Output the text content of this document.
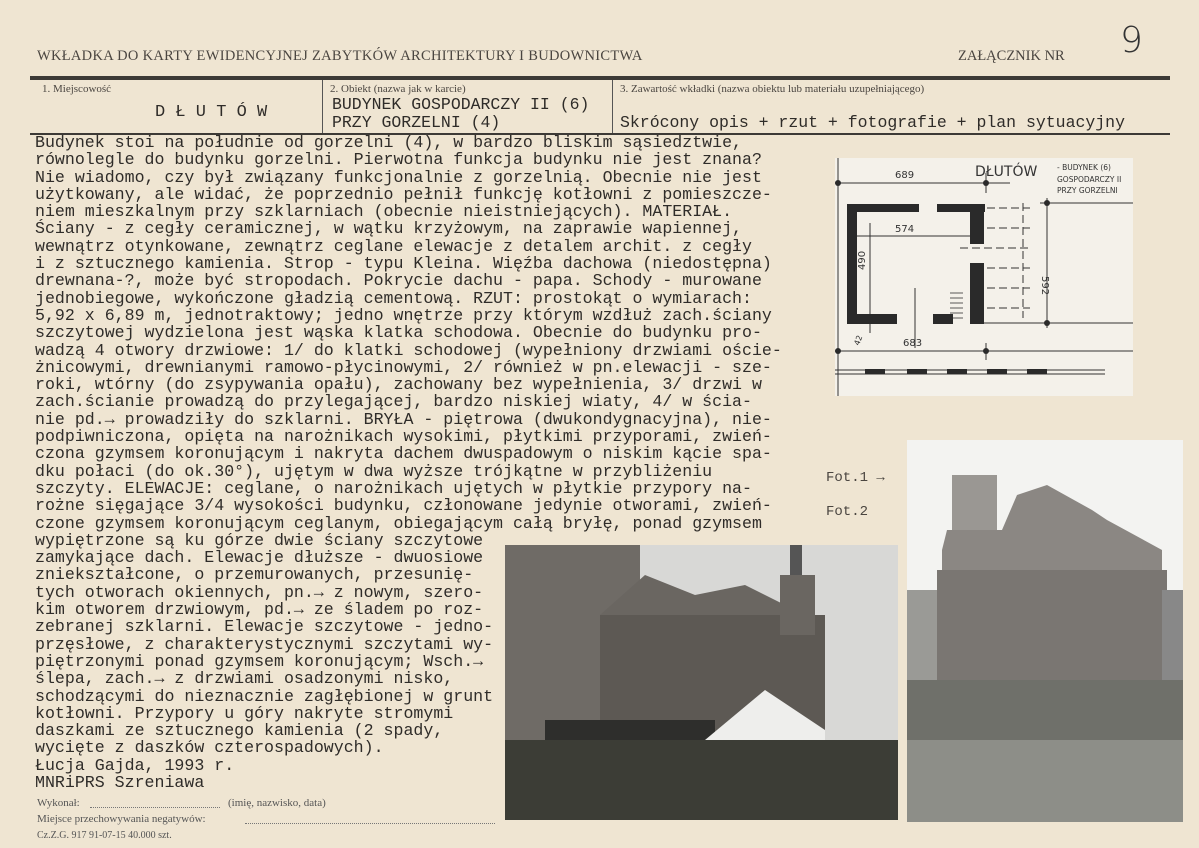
WKŁADKA DO KARTY EWIDENCYJNEJ ZABYTKÓW ARCHITEKTURY I BUDOWNICTWA	ZAŁĄCZNIK NR 9
1. Miejscowość
D Ł U T Ó W
2. Obiekt (nazwa jak w karcie)
BUDYNEK GOSPODARCZY II (6)
PRZY GORZELNI (4)
3. Zawartość wkładki (nazwa obiektu lub materiału uzupełniającego)
Skrócony opis + rzut + fotografie + plan sytuacyjny
Budynek stoi na południe od gorzelni (4), w bardzo bliskim sąsiedztwie,
równolegle do budynku gorzelni. Pierwotna funkcja budynku nie jest znana?
Nie wiadomo, czy był związany funkcjonalnie z gorzelnią. Obecnie nie jest
użytkowany, ale widać, że poprzednio pełnił funkcję kotłowni z pomieszcze-
niem mieszkalnym przy szklarniach (obecnie nieistniejących). MATERIAŁ.
Ściany - z cegły ceramicznej, w wątku krzyżowym, na zaprawie wapiennej,
wewnątrz otynkowane, zewnątrz ceglane elewacje z detalem archit. z cegły
i z sztucznego kamienia. Strop - typu Kleina. Więźba dachowa (niedostępna)
drewnana-?, może być stropodach. Pokrycie dachu - papa. Schody - murowane
jednobiegowe, wykończone gładzią cementową. RZUT: prostokąt o wymiarach:
5,92 x 6,89 m, jednotraktowy; jedno wnętrze przy którym wzdłuż zach.ściany
szczytowej wydzielona jest wąska klatka schodowa. Obecnie do budynku pro-
wadzą 4 otwory drzwiowe: 1/ do klatki schodowej (wypełniony drzwiami oście-
żnicowymi, drewnianymi ramowo-płycinowymi, 2/ również w pn.elewacji - sze-
roki, wtórny (do zsypywania opału), zachowany bez wypełnienia, 3/ drzwi w
zach.ścianie prowadzą do przylegającej, bardzo niskiej wiaty, 4/ w ścia-
nie pd.→ prowadziły do szklarni. BRYŁA - piętrowa (dwukondygnacyjna), nie-
podpiwniczona, opięta na narożnikach wysokimi, płytkimi przyporami, zwień-
czona gzymsem koronującym i nakryta dachem dwuspadowym o niskim kącie spa-
dku połaci (do ok.30°), ujętym w dwa wyższe trójkątne w przybliżeniu
szczyty. ELEWACJE: ceglane, o narożnikach ujętych w płytkie przypory na-
rożne sięgające 3/4 wysokości budynku, członowane jedynie otworami, zwień-
czone gzymsem koronującym ceglanym, obiegającym całą bryłę, ponad gzymsem
wypiętrzone są ku górze dwie ściany szczytowe
zamykające dach. Elewacje dłuższe - dwuosiowe
zniekształcone, o przemurowanych, przesunię-
tych otworach okiennych, pn.→ z nowym, szero-
kim otworem drzwiowym, pd.→ ze śladem po roz-
zebranej szklarni. Elewacje szczytowe - jedno-
przęsłowe, z charakterystycznymi szczytami wy-
piętrzonymi ponad gzymsem koronującym; Wsch.→
ślepa, zach.→ z drzwiami osadzonymi nisko,
schodzącymi do nieznacznie zagłębionej w grunt
kotłowni. Przypory u góry nakryte stromymi
daszkami ze sztucznego kamienia (2 spady,
wycięte z daszków czterospadowych).
Łucja Gajda, 1993 r.
MNRiPRS Szreniawa
Wykonał:	(imię, nazwisko, data)
Miejsce przechowywania negatywów:
Cz.Z.G. 917 91-07-15 40.000 szt.
689
574
490
592
42	683
DŁUTÓW	- BUDYNEK (6)
GOSPODARCZY II
PRZY GORZELNI
Fot.1 →
Fot.2
